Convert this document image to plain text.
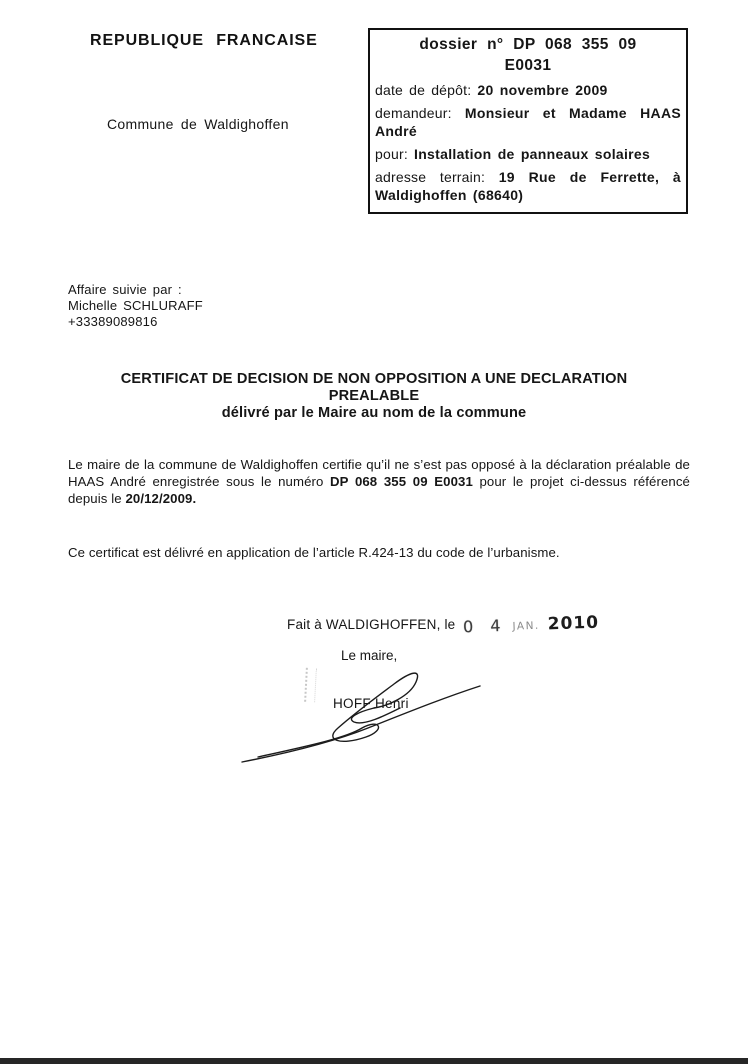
REPUBLIQUE FRANCAISE	dossier n° DP 068 355 09
E0031
date de dépôt: 20 novembre 2009
demandeur: Monsieur et Madame HAAS André
pour: Installation de panneaux solaires
adresse terrain: 19 Rue de Ferrette, à Waldighoffen (68640)
Commune de Waldighoffen
Affaire suivie par :
Michelle SCHLURAFF
+33389089816
CERTIFICAT DE DECISION DE NON OPPOSITION A UNE DECLARATION
PREALABLE
délivré par le Maire au nom de la commune
Le maire de la commune de Waldighoffen certifie qu’il ne s’est pas opposé à la déclaration préalable de HAAS André enregistrée sous le numéro DP 068 355 09 E0031 pour le projet ci-dessus référencé depuis le 20/12/2009.
Ce certificat est délivré en application de l’article R.424-13 du code de l’urbanisme.
Fait à WALDIGHOFFEN, le 0 4 JAN. 2010
Le maire,
HOFF Henri
